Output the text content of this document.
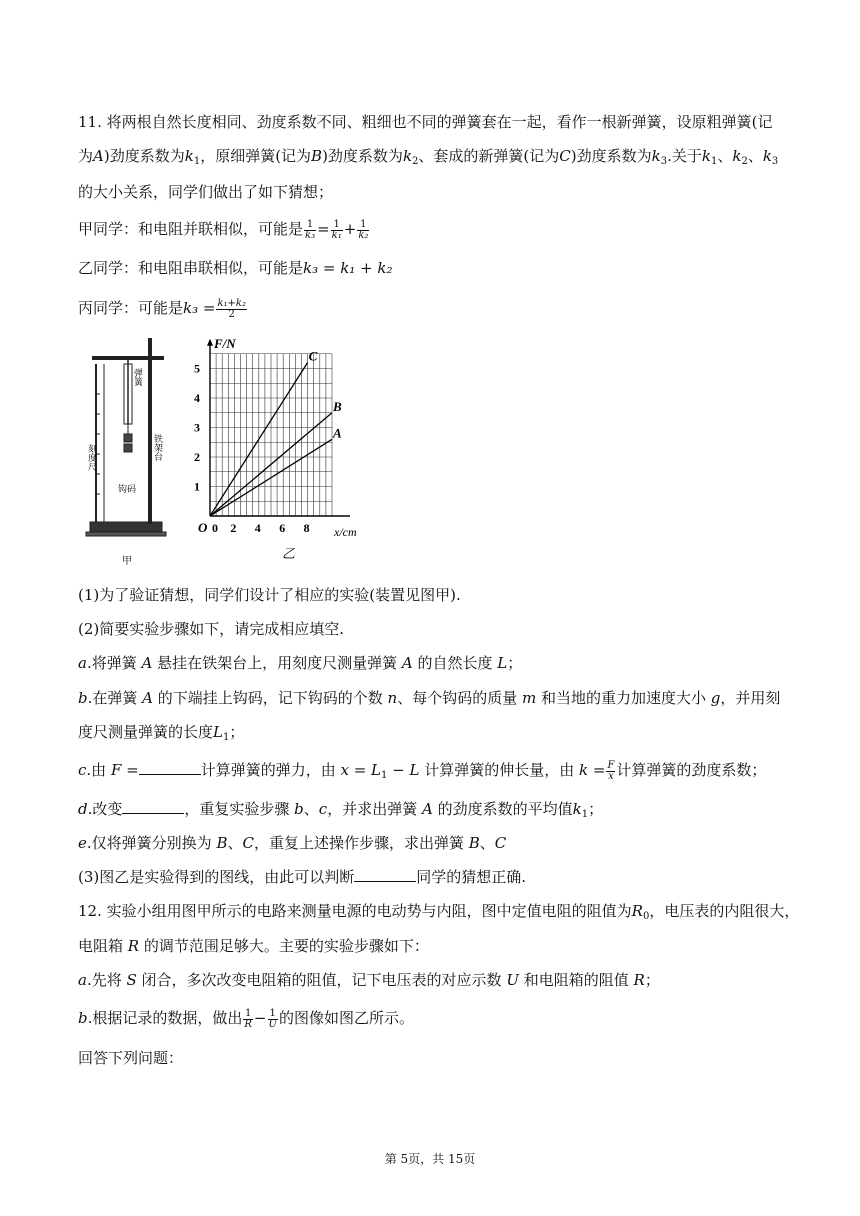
11. 将两根自然长度相同、劲度系数不同、粗细也不同的弹簧套在一起，看作一根新弹簧，设原粗弹簧(记
为A)劲度系数为$k_1$，原细弹簧(记为B)劲度系数为$k_2$、套成的新弹簧(记为C)劲度系数为$k_3$.关于$k_1$、$k_2$、$k_3$
的大小关系，同学们做出了如下猜想；
甲同学：和电阻并联相似，可能是 $\frac{1}{\text{k₃}} = \frac{1}{\text{k₁}} + \frac{1}{\text{k₂}}$
乙同学：和电阻串联相似，可能是k₃ = k₁ + k₂
丙同学：可能是$k_3 = \frac{\text{k₁+k₂}}{2}$
刻度尺	铁架台
弹簧
钩码
甲
F/N
x/cm
O 0 2 4 6 8
1
2
3
4
5
C
B
A
乙
(1)为了验证猜想，同学们设计了相应的实验(装置见图甲).
(2)简要实验步骤如下，请完成相应填空.
a.将弹簧 A 悬挂在铁架台上，用刻度尺测量弹簧 A 的自然长度 L；
b.在弹簧 A 的下端挂上钩码，记下钩码的个数 n、每个钩码的质量 m 和当地的重力加速度大小 g，并用刻
度尺测量弹簧的长度$L_1$；
c.由 F =	计算弹簧的弹力，由 $x = L_1 - L$ 计算弹簧的伸长量，由 $k = \frac{F}{x}$ 计算弹簧的劲度系数；
d.改变	，重复实验步骤 b、c，并求出弹簧 A 的劲度系数的平均值$k_1$；
e.仅将弹簧分别换为 B、C，重复上述操作步骤，求出弹簧 B、C
(3)图乙是实验得到的图线，由此可以判断	同学的猜想正确.
12. 实验小组用图甲所示的电路来测量电源的电动势与内阻，图中定值电阻的阻值为$R_0$，电压表的内阻很大，
电阻箱 R 的调节范围足够大。主要的实验步骤如下：
a.先将 S 闭合，多次改变电阻箱的阻值，记下电压表的对应示数 U 和电阻箱的阻值 R；
b.根据记录的数据，做出 $\frac{1}{R} - \frac{1}{U}$ 的图像如图乙所示。
回答下列问题：
第 5页，共 15页
